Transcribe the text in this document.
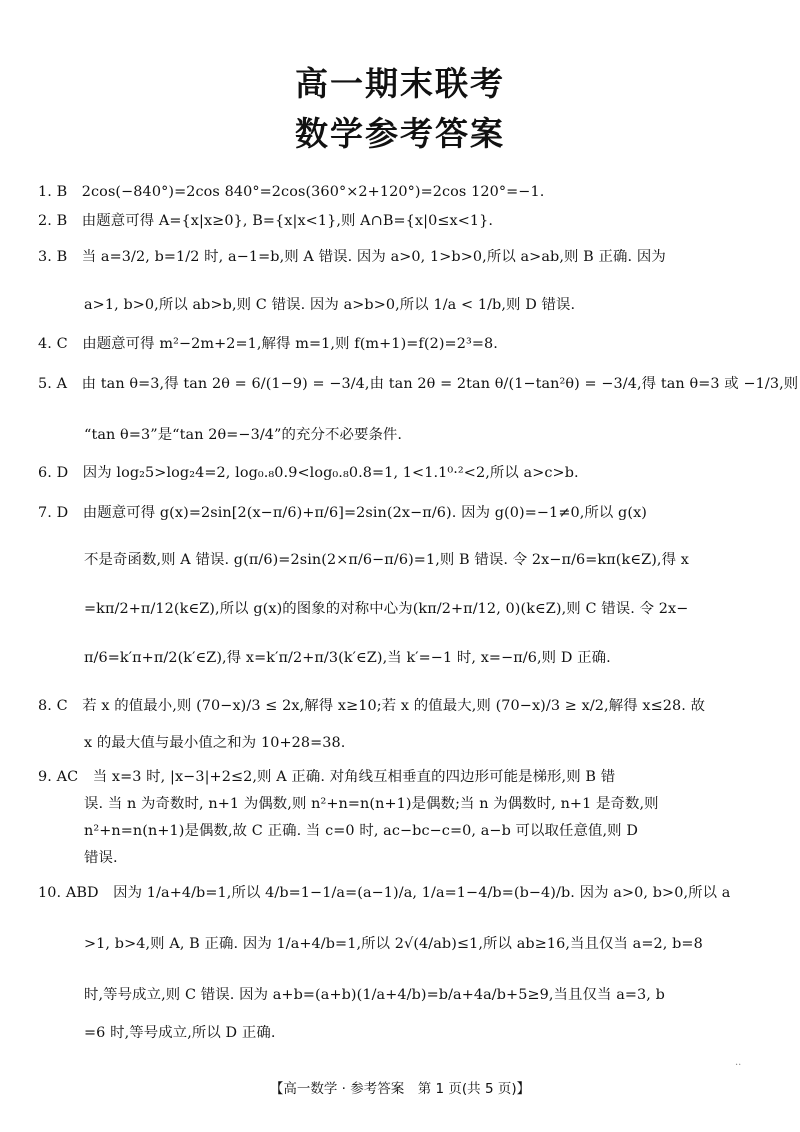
高一期末联考
数学参考答案
1. B　2cos(−840°)=2cos 840°=2cos(360°×2+120°)=2cos 120°=−1.
2. B　由题意可得 A={x|x≥0}, B={x|x<1},则 A∩B={x|0≤x<1}.
3. B　当 a=3/2, b=1/2 时, a−1=b,则 A 错误. 因为 a>0, 1>b>0,所以 a>ab,则 B 正确. 因为
a>1, b>0,所以 ab>b,则 C 错误. 因为 a>b>0,所以 1/a < 1/b,则 D 错误.
4. C　由题意可得 m²−2m+2=1,解得 m=1,则 f(m+1)=f(2)=2³=8.
5. A　由 tan θ=3,得 tan 2θ = 6/(1−9) = −3/4,由 tan 2θ = 2tan θ/(1−tan²θ) = −3/4,得 tan θ=3 或 −1/3,则
“tan θ=3”是“tan 2θ=−3/4”的充分不必要条件.
6. D　因为 log₂5>log₂4=2, log₀.₈0.9<log₀.₈0.8=1, 1<1.1⁰·²<2,所以 a>c>b.
7. D　由题意可得 g(x)=2sin[2(x−π/6)+π/6]=2sin(2x−π/6). 因为 g(0)=−1≠0,所以 g(x)
不是奇函数,则 A 错误. g(π/6)=2sin(2×π/6−π/6)=1,则 B 错误. 令 2x−π/6=kπ(k∈Z),得 x
=kπ/2+π/12(k∈Z),所以 g(x)的图象的对称中心为(kπ/2+π/12, 0)(k∈Z),则 C 错误. 令 2x−
π/6=k′π+π/2(k′∈Z),得 x=k′π/2+π/3(k′∈Z),当 k′=−1 时, x=−π/6,则 D 正确.
8. C　若 x 的值最小,则 (70−x)/3 ≤ 2x,解得 x≥10;若 x 的值最大,则 (70−x)/3 ≥ x/2,解得 x≤28. 故
x 的最大值与最小值之和为 10+28=38.
9. AC　当 x=3 时, |x−3|+2≤2,则 A 正确. 对角线互相垂直的四边形可能是梯形,则 B 错
误. 当 n 为奇数时, n+1 为偶数,则 n²+n=n(n+1)是偶数;当 n 为偶数时, n+1 是奇数,则
n²+n=n(n+1)是偶数,故 C 正确. 当 c=0 时, ac−bc−c=0, a−b 可以取任意值,则 D
错误.
10. ABD　因为 1/a+4/b=1,所以 4/b=1−1/a=(a−1)/a, 1/a=1−4/b=(b−4)/b. 因为 a>0, b>0,所以 a
>1, b>4,则 A, B 正确. 因为 1/a+4/b=1,所以 2√(4/ab)≤1,所以 ab≥16,当且仅当 a=2, b=8
时,等号成立,则 C 错误. 因为 a+b=(a+b)(1/a+4/b)=b/a+4a/b+5≥9,当且仅当 a=3, b
=6 时,等号成立,所以 D 正确.
【高一数学 · 参考答案　第 1 页(共 5 页)】
··
